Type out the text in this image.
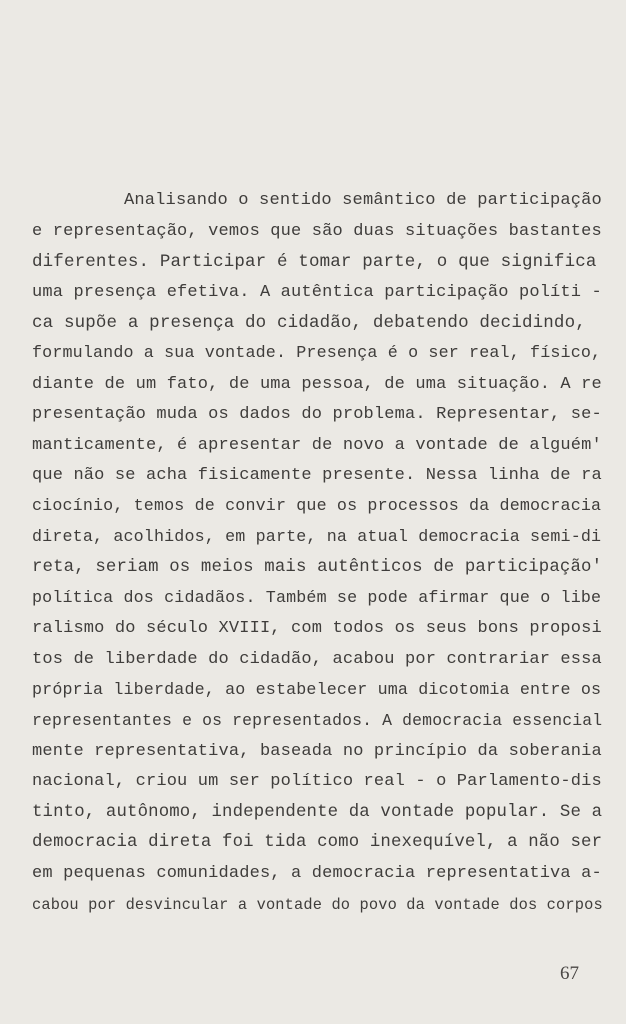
Analisando o sentido semântico de participação
e representação, vemos que são duas situações bastantes
diferentes. Participar é tomar parte, o que significa
uma presença efetiva. A autêntica participação políti -
ca supõe a presença do cidadão, debatendo decidindo,
formulando a sua vontade. Presença é o ser real, físico,
diante de um fato, de uma pessoa, de uma situação. A re
presentação muda os dados do problema. Representar, se-
manticamente, é apresentar de novo a vontade de alguém'
que não se acha fisicamente presente. Nessa linha de ra
ciocínio, temos de convir que os processos da democracia
direta, acolhidos, em parte, na atual democracia semi-di
reta, seriam os meios mais autênticos de participação'
política dos cidadãos. Também se pode afirmar que o libe
ralismo do século XVIII, com todos os seus bons proposi
tos de liberdade do cidadão, acabou por contrariar essa
própria liberdade, ao estabelecer uma dicotomia entre os
representantes e os representados. A democracia essencial
mente representativa, baseada no princípio da soberania
nacional, criou um ser político real - o Parlamento-dis
tinto, autônomo, independente da vontade popular. Se a
democracia direta foi tida como inexequível, a não ser
em pequenas comunidades, a democracia representativa a-
cabou por desvincular a vontade do povo da vontade dos corpos
67
